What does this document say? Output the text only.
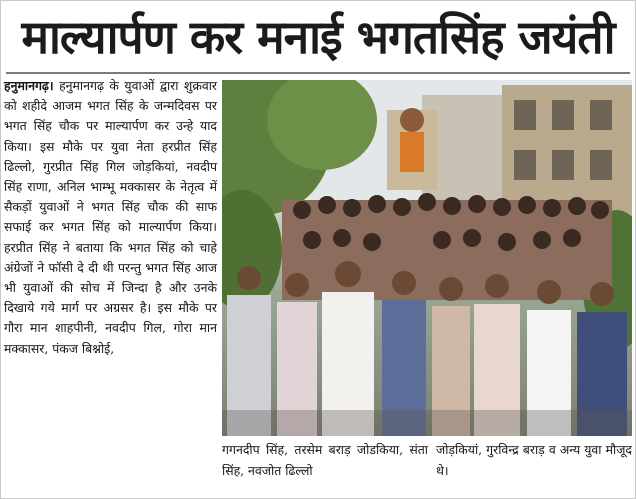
माल्यार्पण कर मनाई भगतसिंह जयंती

हनुमानगढ़। हनुमानगढ़ के युवाओं द्वारा शुक्रवार को शहीदे आजम भगत सिंह के जन्मदिवस पर भगत सिंह चौक पर माल्यार्पण कर उन्हे याद किया। इस मौके पर युवा नेता हरप्रीत सिंह ढिल्लो, गुरप्रीत सिंह गिल जोड़कियां, नवदीप सिंह राणा, अनिल भाम्भू मक्कासर के नेतृत्व में सैकड़ों युवाओं ने भगत सिंह चौक की साफ सफाई कर भगत सिंह को माल्यार्पण किया। हरप्रीत सिंह ने बताया कि भगत सिंह को चाहे अंग्रेजों ने फॉसी दे दी थी परन्तु भगत सिंह आज भी युवाओं की सोच में जिन्दा है और उनके दिखाये गये मार्ग पर अग्रसर है। इस मौके पर गौरा मान शाहपीनी, नवदीप गिल, गोरा मान मक्कासर, पंकज बिश्नोई,

गगनदीप सिंह, तरसेम बराड़ जोडकिया, संता सिंह, नवजोत ढिल्लो
जोड़कियां, गुरविन्द्र बराड़ व अन्य युवा मौजूद थे।
